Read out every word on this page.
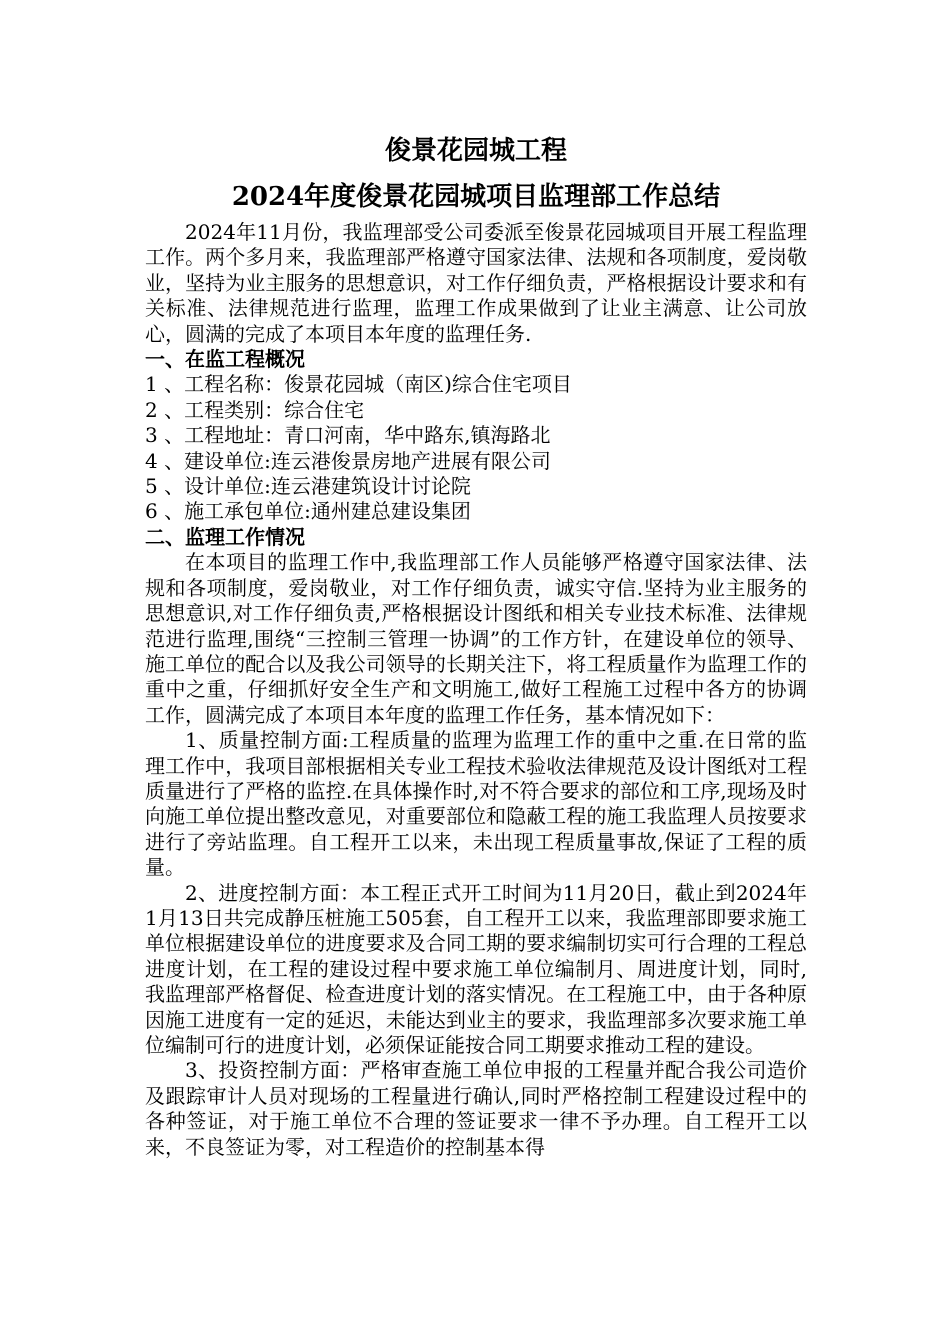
俊景花园城工程

2024年度俊景花园城项目监理部工作总结

2024年11月份，我监理部受公司委派至俊景花园城项目开展工程监理工作。两个多月来，我监理部严格遵守国家法律、法规和各项制度，爱岗敬业，坚持为业主服务的思想意识，对工作仔细负责，严格根据设计要求和有关标准、法律规范进行监理，监理工作成果做到了让业主满意、让公司放心，圆满的完成了本项目本年度的监理任务.

一、在监工程概况

1 、工程名称：俊景花园城（南区)综合住宅项目

2 、工程类别：综合住宅

3 、工程地址：青口河南，华中路东,镇海路北

4 、建设单位:连云港俊景房地产进展有限公司

5 、设计单位:连云港建筑设计讨论院

6 、施工承包单位:通州建总建设集团

二、监理工作情况

在本项目的监理工作中,我监理部工作人员能够严格遵守国家法律、法规和各项制度，爱岗敬业，对工作仔细负责，诚实守信.坚持为业主服务的思想意识,对工作仔细负责,严格根据设计图纸和相关专业技术标准、法律规范进行监理,围绕“三控制三管理一协调”的工作方针，在建设单位的领导、施工单位的配合以及我公司领导的长期关注下，将工程质量作为监理工作的重中之重，仔细抓好安全生产和文明施工,做好工程施工过程中各方的协调工作，圆满完成了本项目本年度的监理工作任务，基本情况如下：

1、质量控制方面:工程质量的监理为监理工作的重中之重.在日常的监理工作中，我项目部根据相关专业工程技术验收法律规范及设计图纸对工程质量进行了严格的监控.在具体操作时,对不符合要求的部位和工序,现场及时向施工单位提出整改意见，对重要部位和隐蔽工程的施工我监理人员按要求进行了旁站监理。自工程开工以来，未出现工程质量事故,保证了工程的质量。

2、进度控制方面：本工程正式开工时间为11月20日，截止到2024年1月13日共完成静压桩施工505套，自工程开工以来，我监理部即要求施工单位根据建设单位的进度要求及合同工期的要求编制切实可行合理的工程总进度计划，在工程的建设过程中要求施工单位编制月、周进度计划，同时,我监理部严格督促、检查进度计划的落实情况。在工程施工中，由于各种原因施工进度有一定的延迟，未能达到业主的要求，我监理部多次要求施工单位编制可行的进度计划，必须保证能按合同工期要求推动工程的建设。

3、投资控制方面：严格审查施工单位申报的工程量并配合我公司造价及跟踪审计人员对现场的工程量进行确认,同时严格控制工程建设过程中的各种签证，对于施工单位不合理的签证要求一律不予办理。自工程开工以来，不良签证为零，对工程造价的控制基本得
